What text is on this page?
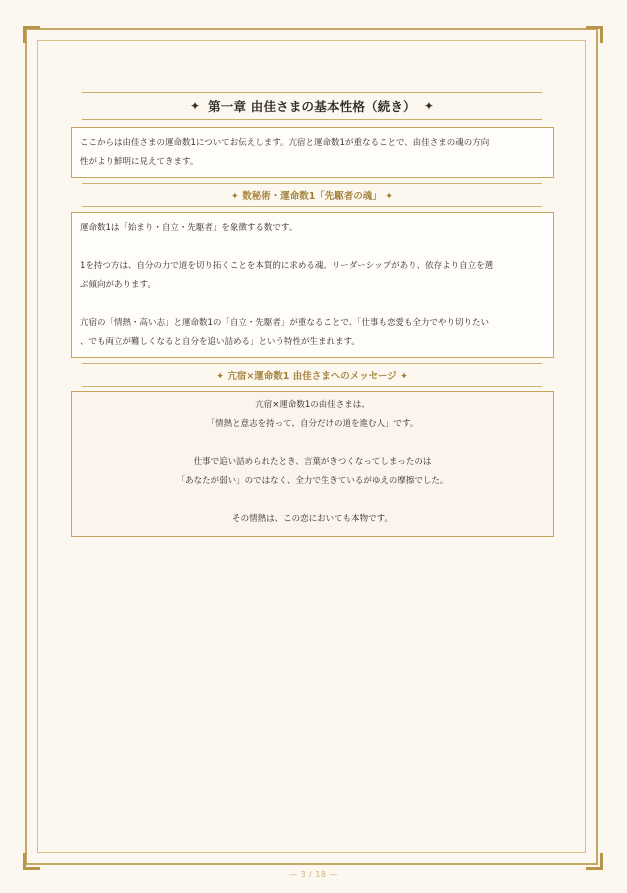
✦ 第一章 由佳さまの基本性格（続き） ✦

ここからは由佳さまの運命数1についてお伝えします。亢宿と運命数1が重なることで、由佳さまの魂の方向

性がより鮮明に見えてきます。

✦ 数秘術・運命数1「先駆者の魂」 ✦

運命数1は「始まり・自立・先駆者」を象徴する数です。

1を持つ方は、自分の力で道を切り拓くことを本質的に求める魂。リーダーシップがあり、依存より自立を選

ぶ傾向があります。

亢宿の「情熱・高い志」と運命数1の「自立・先駆者」が重なることで、「仕事も恋愛も全力でやり切りたい

、でも両立が難しくなると自分を追い詰める」という特性が生まれます。

✦ 亢宿×運命数1 由佳さまへのメッセージ ✦

亢宿×運命数1の由佳さまは、

「情熱と意志を持って、自分だけの道を進む人」です。

仕事で追い詰められたとき、言葉がきつくなってしまったのは

「あなたが弱い」のではなく、全力で生きているがゆえの摩擦でした。

その情熱は、この恋においても本物です。

— 3 / 18 —
